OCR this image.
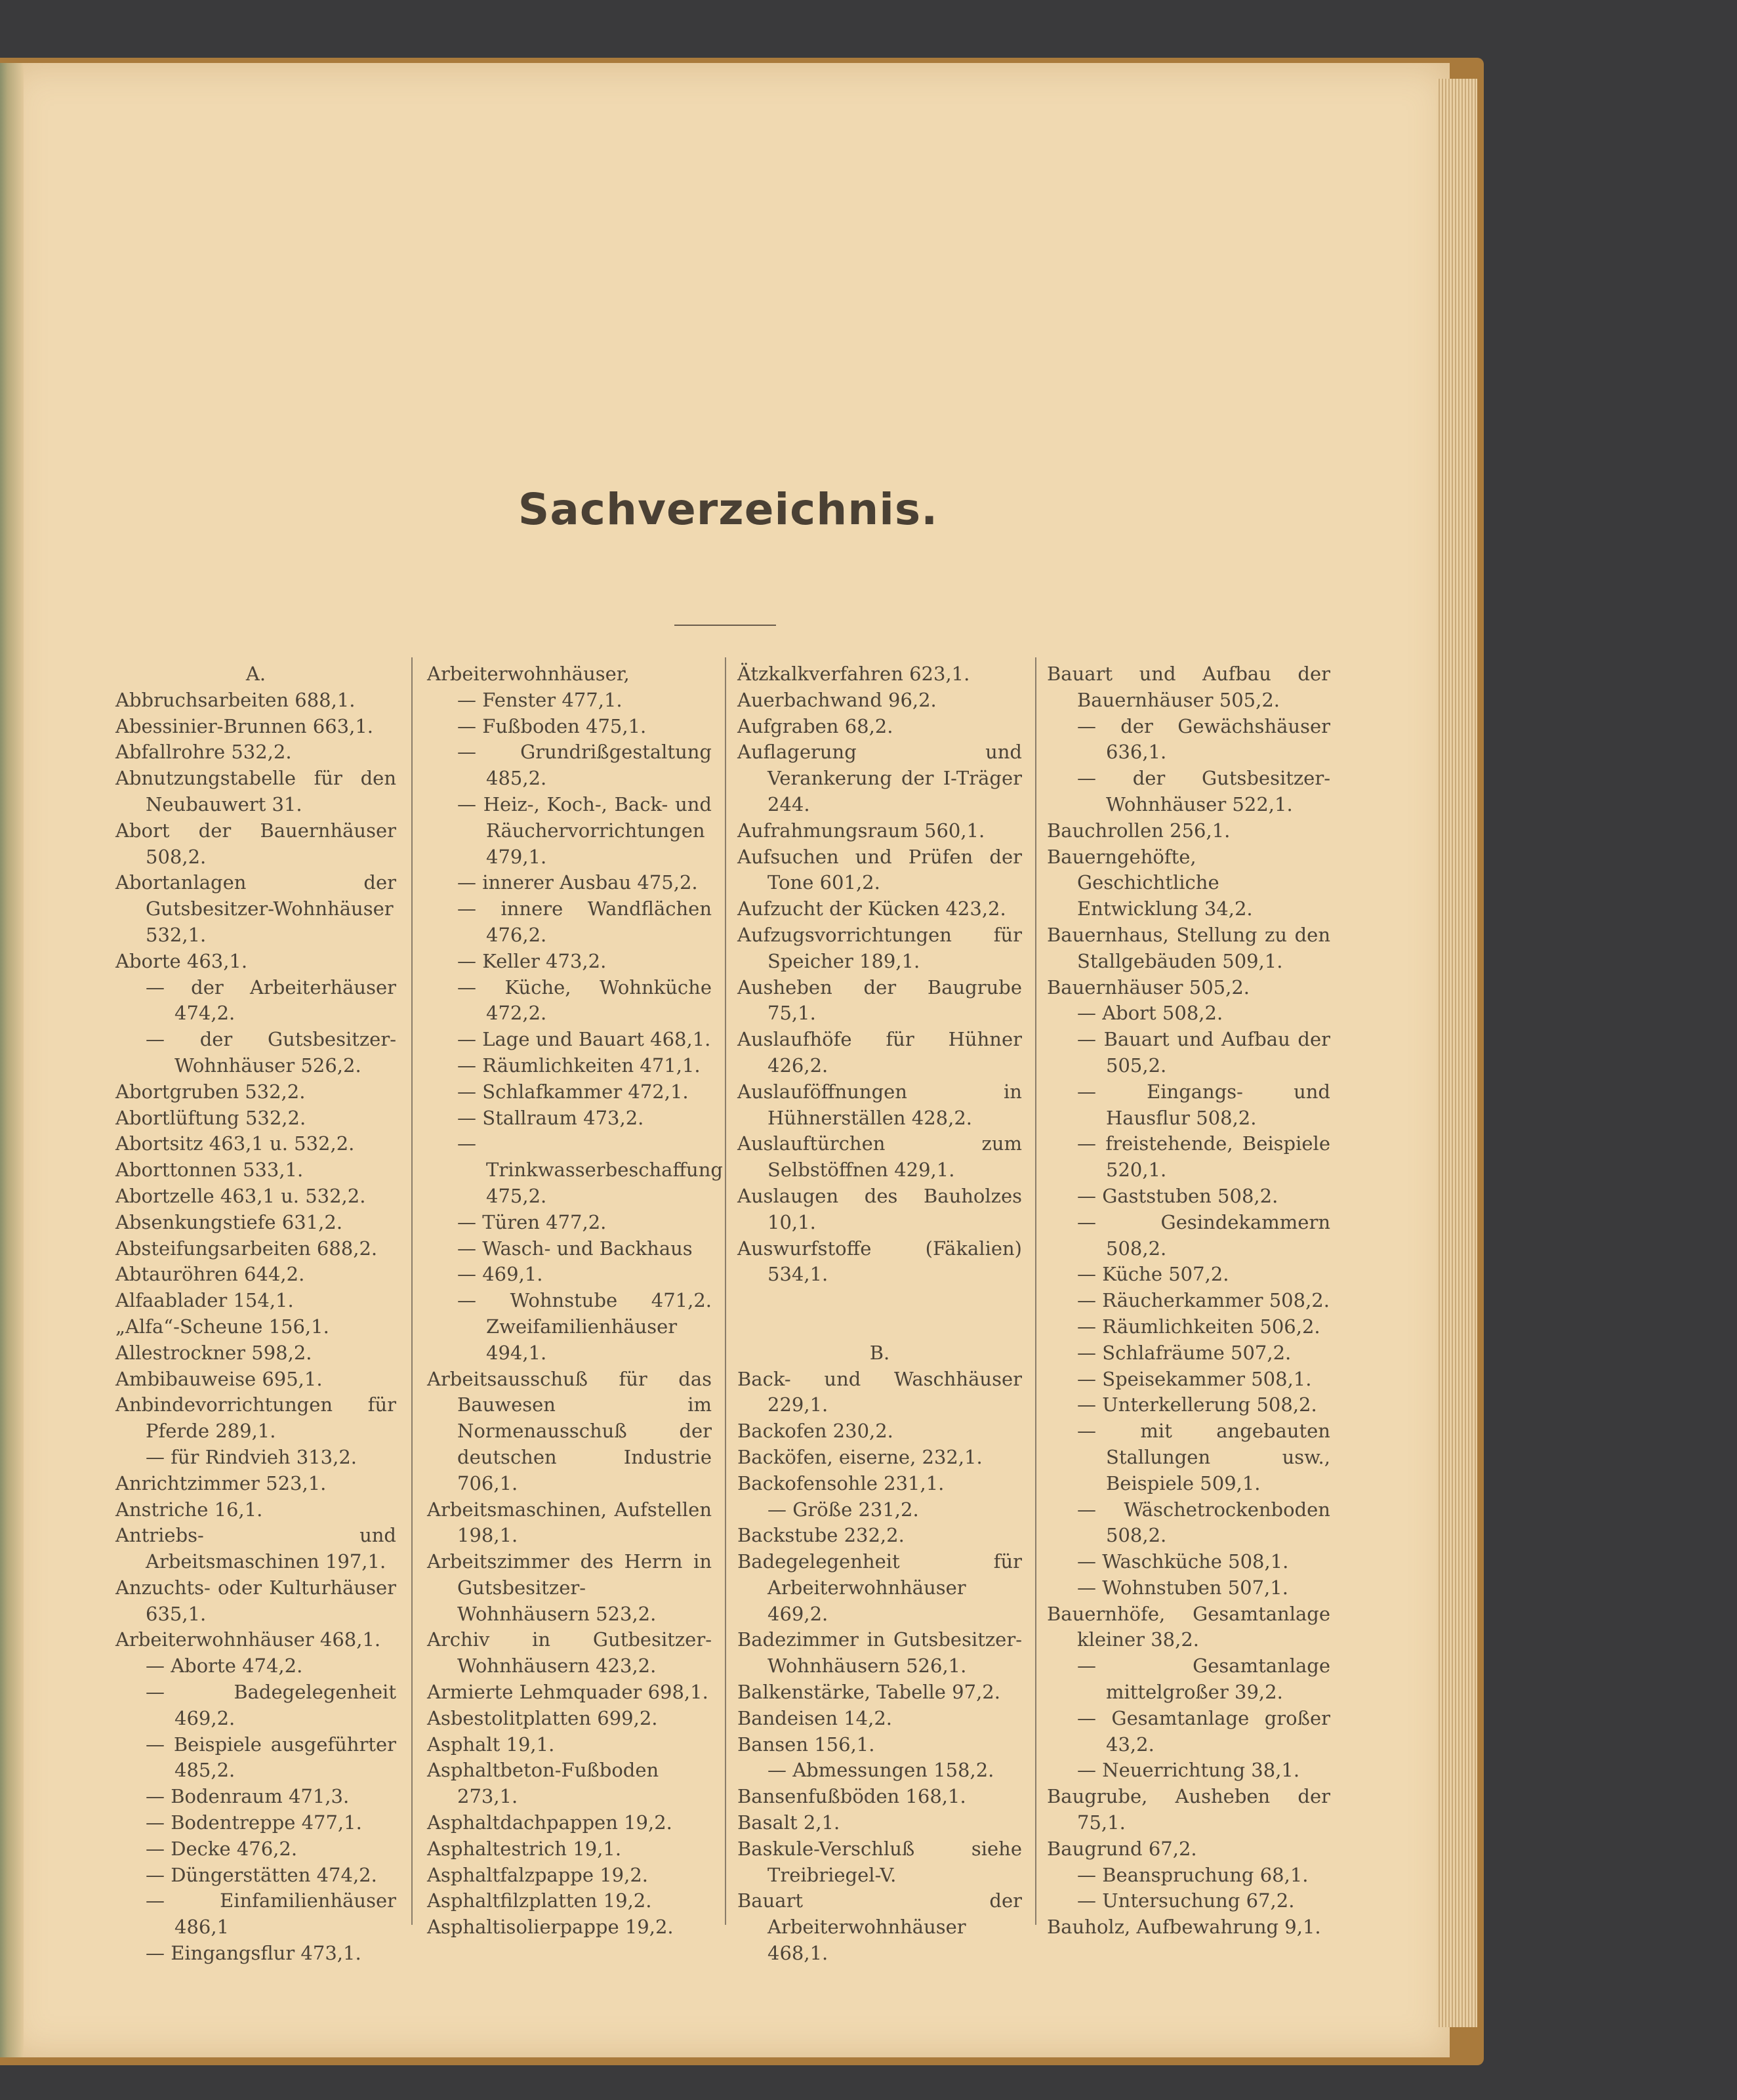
Sachverzeichnis.
A.
Abbruchsarbeiten 688,1.
Abessinier-Brunnen 663,1.
Abfallrohre 532,2.
Abnutzungstabelle für den Neubauwert 31.
Abort der Bauernhäuser 508,2.
Abortanlagen der Gutsbesitzer-Wohnhäuser 532,1.
Aborte 463,1.
— der Arbeiterhäuser 474,2.
— der Gutsbesitzer-Wohnhäuser 526,2.
Abortgruben 532,2.
Abortlüftung 532,2.
Abortsitz 463,1 u. 532,2.
Aborttonnen 533,1.
Abortzelle 463,1 u. 532,2.
Absenkungstiefe 631,2.
Absteifungsarbeiten 688,2.
Abtauröhren 644,2.
Alfaablader 154,1.
„Alfa“-Scheune 156,1.
Allestrockner 598,2.
Ambibauweise 695,1.
Anbindevorrichtungen für Pferde 289,1.
— für Rindvieh 313,2.
Anrichtzimmer 523,1.
Anstriche 16,1.
Antriebs- und Arbeitsmaschinen 197,1.
Anzuchts- oder Kulturhäuser 635,1.
Arbeiterwohnhäuser 468,1.
— Aborte 474,2.
— Badegelegenheit 469,2.
— Beispiele ausgeführter 485,2.
— Bodenraum 471,3.
— Bodentreppe 477,1.
— Decke 476,2.
— Düngerstätten 474,2.
— Einfamilienhäuser 486,1
— Eingangsflur 473,1.
Arbeiterwohnhäuser,
— Fenster 477,1.
— Fußboden 475,1.
— Grundrißgestaltung 485,2.
— Heiz-, Koch-, Back- und Räuchervorrichtungen 479,1.
— innerer Ausbau 475,2.
— innere Wandflächen 476,2.
— Keller 473,2.
— Küche, Wohnküche 472,2.
— Lage und Bauart 468,1.
— Räumlichkeiten 471,1.
— Schlafkammer 472,1.
— Stallraum 473,2.
— Trinkwasserbeschaffung 475,2.
— Türen 477,2.
— Wasch- und Backhaus
— 469,1.
— Wohnstube 471,2. Zweifamilienhäuser 494,1.
Arbeitsausschuß für das Bauwesen im Normenausschuß der deutschen Industrie 706,1.
Arbeitsmaschinen, Aufstellen 198,1.
Arbeitszimmer des Herrn in Gutsbesitzer-Wohnhäusern 523,2.
Archiv in Gutbesitzer-Wohnhäusern 423,2.
Armierte Lehmquader 698,1.
Asbestolitplatten 699,2.
Asphalt 19,1.
Asphaltbeton-Fußboden 273,1.
Asphaltdachpappen 19,2.
Asphaltestrich 19,1.
Asphaltfalzpappe 19,2.
Asphaltfilzplatten 19,2.
Asphaltisolierpappe 19,2.
Ätzkalkverfahren 623,1.
Auerbachwand 96,2.
Aufgraben 68,2.
Auflagerung und Verankerung der I-Träger 244.
Aufrahmungsraum 560,1.
Aufsuchen und Prüfen der Tone 601,2.
Aufzucht der Kücken 423,2.
Aufzugsvorrichtungen für Speicher 189,1.
Ausheben der Baugrube 75,1.
Auslaufhöfe für Hühner 426,2.
Auslauföffnungen in Hühnerställen 428,2.
Auslauftürchen zum Selbstöffnen 429,1.
Auslaugen des Bauholzes 10,1.
Auswurfstoffe (Fäkalien) 534,1.
B.
Back- und Waschhäuser 229,1.
Backofen 230,2.
Backöfen, eiserne, 232,1.
Backofensohle 231,1.
— Größe 231,2.
Backstube 232,2.
Badegelegenheit für Arbeiterwohnhäuser 469,2.
Badezimmer in Gutsbesitzer-Wohnhäusern 526,1.
Balkenstärke, Tabelle 97,2.
Bandeisen 14,2.
Bansen 156,1.
— Abmessungen 158,2.
Bansenfußböden 168,1.
Basalt 2,1.
Baskule-Verschluß siehe Treibriegel-V.
Bauart der Arbeiterwohnhäuser 468,1.
Bauart und Aufbau der Bauernhäuser 505,2.
— der Gewächshäuser 636,1.
— der Gutsbesitzer-Wohnhäuser 522,1.
Bauchrollen 256,1.
Bauerngehöfte, Geschichtliche Entwicklung 34,2.
Bauernhaus, Stellung zu den Stallgebäuden 509,1.
Bauernhäuser 505,2.
— Abort 508,2.
— Bauart und Aufbau der 505,2.
— Eingangs- und Hausflur 508,2.
— freistehende, Beispiele 520,1.
— Gaststuben 508,2.
— Gesindekammern 508,2.
— Küche 507,2.
— Räucherkammer 508,2.
— Räumlichkeiten 506,2.
— Schlafräume 507,2.
— Speisekammer 508,1.
— Unterkellerung 508,2.
— mit angebauten Stallungen usw., Beispiele 509,1.
— Wäschetrockenboden 508,2.
— Waschküche 508,1.
— Wohnstuben 507,1.
Bauernhöfe, Gesamtanlage kleiner 38,2.
— Gesamtanlage mittelgroßer 39,2.
— Gesamtanlage großer 43,2.
— Neuerrichtung 38,1.
Baugrube, Ausheben der 75,1.
Baugrund 67,2.
— Beanspruchung 68,1.
— Untersuchung 67,2.
Bauholz, Aufbewahrung 9,1.
